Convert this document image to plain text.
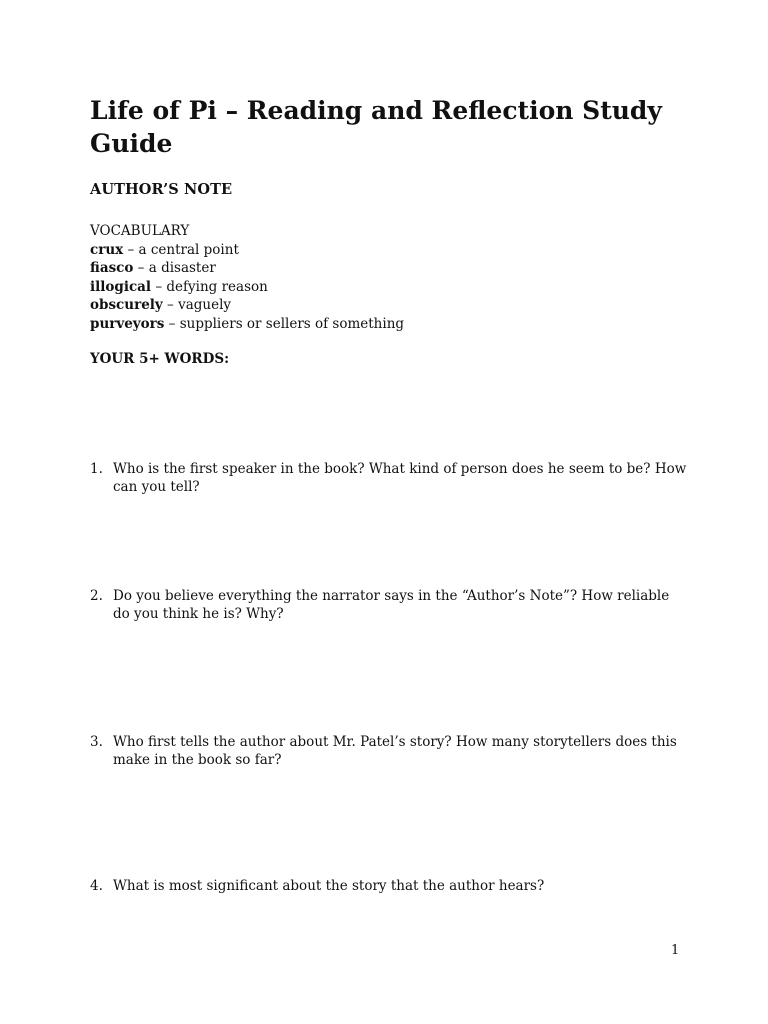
Life of Pi – Reading and Reflection Study Guide
AUTHOR’S NOTE
VOCABULARY
crux – a central point
fiasco – a disaster
illogical – defying reason
obscurely – vaguely
purveyors – suppliers or sellers of something
YOUR 5+ WORDS:
1. Who is the first speaker in the book? What kind of person does he seem to be? How can you tell?
2. Do you believe everything the narrator says in the “Author’s Note”? How reliable do you think he is? Why?
3. Who first tells the author about Mr. Patel’s story? How many storytellers does this make in the book so far?
4. What is most significant about the story that the author hears?
1
